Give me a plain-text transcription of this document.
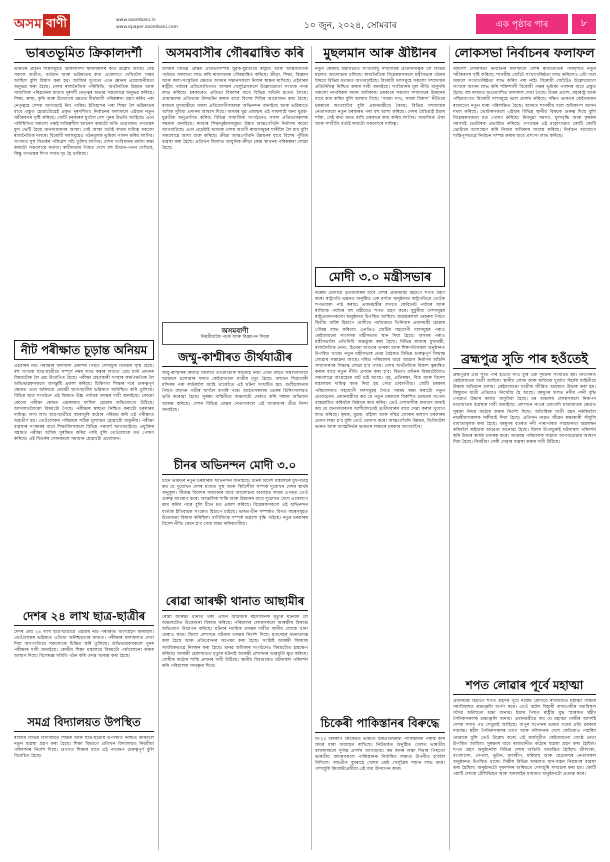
অসম বাণী	www.asombani.in
www.epaper.asombani.com	১০ জুন, ২০২৪, সোমবাৰ	এক পৃষ্ঠাৰ পাৰ	৮
ভাৰতভূমিত ক্রিকালদর্শী
ভাৰতৰ প্ৰাচীন শাস্ত্ৰসমূহত ক্রিকালদর্শী ঋষিসকলৰ কথা উল্লেখ আছে। সেই সকলে অতীত, বৰ্তমান আৰু ভৱিষ্যতৰ কথা একেলগে দেখিবলৈ সক্ষম আছিল বুলি বিশ্বাস কৰা হয়। আজিৰ যুগতো এনে জ্ঞানৰ প্ৰয়োজনীয়তা অনুভৱ কৰা হৈছে। দেশৰ ৰাজনৈতিক পৰিস্থিতি, অৰ্থনৈতিক উন্নয়ন আৰু সামাজিক পৰিৱৰ্তনৰ মাজত দূৰদৰ্শী নেতৃত্বৰ অভাৱ সকলোৱে অনুভৱ কৰিছে। শিক্ষা, স্বাস্থ্য, কৃষি আৰু উদ্যোগৰ ক্ষেত্ৰত দীৰ্ঘম্যাদী পৰিকল্পনা গ্ৰহণ কৰিব পৰা নেতৃত্বহে দেশক আগবঢ়াই নিব পাৰিব। ইতিহাসৰ পৰা শিক্ষা লৈ ভৱিষ্যতৰ বাবে প্ৰস্তুত হোৱাটোৱেই প্ৰকৃত দূৰদৰ্শিতা। নিৰ্বাচনৰ ফলাফলে এইবাৰ নতুন সমীকৰণৰ সৃষ্টি কৰিছে। জোঁট চৰকাৰৰ যুগলৈ দেশ পুনৰ উভতি আহিছে। এনে পৰিস্থিতিত সকলো পক্ষই দায়িত্বশীল আচৰণ কৰাটো অতি প্ৰয়োজন। গণতন্ত্ৰৰ মূল ভেটি হৈছে জনসাধাৰণৰ আস্থা। সেই আস্থা বৰ্তাই ৰখাৰ দায়িত্ব সকলো ৰাজনৈতিক দলৰে। বিৰোধী দলসমূহেও গঠনমূলক ভূমিকা পালন কৰিব লাগিব। সংসদত সুস্থ বিতৰ্কৰ পৰিৱেশ গঢ়ি তুলিব লাগিব। দেশৰ সংবিধানৰ মৰ্যাদা ৰক্ষা কৰাটো সকলোৰে কৰ্তব্য। স্বাধীনতাৰ পিছত দেশে বহু উত্থান-পতন দেখিছে, কিন্তু গণতন্ত্ৰৰ শিপা সদায় দৃঢ় হৈ থাকিছে।
নীট পৰীক্ষাত চূড়ান্ত অনিয়ম
এইবাৰৰ নীট পৰীক্ষাৰ ফলাফল প্ৰকাশৰ পিছত দেশজুৰি বিতৰ্কৰ সৃষ্টি হৈছে। বহু সংখ্যক ছাত্ৰ-ছাত্ৰীয়ে সম্পূৰ্ণ নম্বৰ লাভ কৰাৰ লগতে গ্ৰেচ মাৰ্ক প্ৰদানৰ বিষয়টোক লৈ প্ৰশ্ন উত্থাপিত হৈছে। পৰীক্ষা গ্ৰহণকাৰী সংস্থাৰ কাৰ্যপদ্ধতিক লৈ অভিভাৱকসকলে অসন্তুষ্টি প্ৰকাশ কৰিছে। চিকিৎসা শিক্ষাৰ দৰে গুৰুত্বপূৰ্ণ ক্ষেত্ৰত এনে অনিয়মে মেধাৱী ছাত্ৰ-ছাত্ৰীৰ ভৱিষ্যত অনিশ্চিত কৰি তুলিছে। বিভিন্ন ছাত্ৰ সংগঠনে এই বিষয়ত উচ্চ পৰ্যায়ৰ তদন্তৰ দাবী জনাইছে। কোনো কোনো পৰীক্ষা কেন্দ্ৰত প্ৰশ্নকাকত ফাদিল হোৱাৰ অভিযোগো উঠিছে। আদালতলৈকো বিষয়টো গৈছে। পৰীক্ষাৰ স্বচ্ছতা নিশ্চিত কৰাটো চৰকাৰৰ দায়িত্ব। লাখ লাখ ছাত্ৰ-ছাত্ৰীয়ে বছৰজুৰি কঠোৰ পৰিশ্ৰম কৰি এই পৰীক্ষাত অৱতীৰ্ণ হয়। তেওঁলোকৰ পৰিশ্ৰমৰ সঠিক মূল্যায়ন হোৱাটো বাঞ্ছনীয়। পৰীক্ষা ব্যৱস্থাৰ সংস্কাৰৰ বাবে শিক্ষাবিদসকলে বিভিন্ন পৰামৰ্শ আগবঢ়াইছে। প্ৰযুক্তিৰ সহায়ত পৰীক্ষা অধিক সুৰক্ষিত কৰিব পাৰি বুলি তেওঁলোকে মত পোষণ কৰিছে। এই বিতৰ্কৰ সোনকালে সমাধান হোৱাটো প্ৰয়োজন।
দেশৰ ২৪ লাখ ছাত্ৰ-ছাত্ৰীৰ
দেশৰ প্ৰায় ২৪ লাখ ছাত্ৰ-ছাত্ৰীয়ে এইবাৰ নীট পৰীক্ষাত অংশগ্ৰহণ কৰিছিল। তেওঁলোকৰ ভৱিষ্যত এতিয়া অনিশ্চয়তাৰ মাজত। পৰীক্ষাৰ ফলাফলত দেখা দিয়া অসংগতিয়ে সকলোকে চিন্তিত কৰি তুলিছে। অভিভাৱকসকলে পুনৰ পৰীক্ষাৰ দাবী জনাইছে। কেন্দ্ৰীয় শিক্ষা মন্ত্ৰালয়ে বিষয়টো পৰ্যালোচনা কৰাৰ আশ্বাস দিছে। বিশেষজ্ঞ সমিতি গঠন কৰি তদন্ত আৰম্ভ কৰা হৈছে।
সমগ্ৰ বিদ্যালয়ত উপস্থিত
ৰাজ্যৰ বিভিন্ন বিদ্যালয়ত শিক্ষক আৰু ছাত্ৰ-ছাত্ৰীৰ উপস্থিতি নিশ্চিত কৰিবলৈ নতুন ব্যৱস্থা গ্ৰহণ কৰা হৈছে। শিক্ষা বিভাগে প্ৰতিখন বিদ্যালয়ত নিয়মীয়া পৰিদৰ্শনৰ নিৰ্দেশ দিছে। গুণগত শিক্ষাৰ বাবে এই পদক্ষেপ গুৰুত্বপূৰ্ণ বুলি বিবেচিত হৈছে।
অসমবাসীৰ গৌৰৱান্বিত কৰি
অসমৰ বিভিন্ন প্ৰান্তৰ প্ৰতিভাসম্পন্ন যুৱক-যুৱতীয়ে ৰাষ্ট্ৰীয় আৰু আন্তৰ্জাতিক পৰ্যায়ত সফলতা লাভ কৰি ৰাজ্যখনক গৌৰৱান্বিত কৰিছে। ক্ৰীড়া, শিক্ষা, বিজ্ঞান আৰু কলা-সংস্কৃতিৰ ক্ষেত্ৰত অসমৰ সন্তানসকলে নিজৰ স্বাক্ষৰ ৰাখিছে। এইবাৰৰ ৰাষ্ট্ৰীয় পৰ্যায়ৰ প্ৰতিযোগিতাত অসমৰ খেলুৱৈসকলে উল্লেখযোগ্য সংখ্যক পদক লাভ কৰিছে। চৰকাৰেও প্ৰতিভা বিকাশৰ বাবে বিভিন্ন আঁচনি হাতত লৈছে। গ্ৰামাঞ্চলৰ প্ৰতিভাক উদঘাটন কৰাৰ বাবে বিশেষ শিবিৰ আয়োজন কৰা হৈছে। ৰাজ্যৰ মুখ্যমন্ত্ৰীয়ে সফল প্ৰতিযোগীসকলক অভিনন্দন জনাইছে আৰু ভৱিষ্যতে অধিক সুবিধা প্ৰদানৰ আশ্বাস দিছে। অসমৰ যুৱ প্ৰজন্মৰ এই সাফল্যই অন্য যুৱক-যুৱতীক অনুপ্ৰাণিত কৰিব। বিভিন্ন সামাজিক সংগঠনেও সফল প্ৰতিভাসকলক সম্বৰ্ধনা জনাইছে। ৰাজ্যৰ শিক্ষানুষ্ঠানসমূহত উন্নত আন্তঃগাঁথনি নিৰ্মাণৰ কামো আগবাঢ়িছে। এনে প্ৰচেষ্টাই অসমক দেশৰ অগ্ৰণী ৰাজ্যসমূহৰ শাৰীলৈ লৈ যাব বুলি সকলোৱে আশা ব্যক্ত কৰিছে। ক্ৰীড়া আন্তঃগাঁথনি উন্নয়নৰ বাবে বিশেষ পুঁজিৰ ব্যৱস্থা কৰা হৈছে। প্ৰতিখন জিলাত আধুনিক ক্ৰীড়া কেন্দ্ৰ স্থাপনৰ পৰিকল্পনা লোৱা হৈছে।
অসমবাণী
নিয়মীয়াকৈ পঢ়ক আৰু বিজ্ঞাপন দিয়ক
জম্মু-কাশ্মীৰত তীৰ্থযাত্ৰীৰ
জম্মু-কাশ্মীৰৰ ৰিয়াচি জিলাত তীৰ্থযাত্ৰীক কঢ়িয়াই নিয়া এখন বাছত সন্ত্ৰাসবাদীয়ে আক্ৰমণ চলোৱাৰ ফলত কেইবাজনো যাত্ৰীৰ মৃত্যু হৈছে। বাছখন শিৱখোৰী মন্দিৰৰ পৰা কাটৰালৈ আহি থাকোঁতে এই ঘটনা সংঘটিত হয়। গুলীচালনাৰ পিছত বাছখন গভীৰ খাদলৈ বাগৰি পৰে। আহতসকলক ওচৰৰ চিকিৎসালয়ত ভৰ্তি কৰোৱা হৈছে। সুৰক্ষা বাহিনীয়ে অঞ্চলটো ঘেৰাও কৰি সন্ধান অভিযান আৰম্ভ কৰিছে। দেশৰ বিভিন্ন প্ৰান্তৰ নেতাসকলে এই আক্ৰমণৰ তীব্ৰ নিন্দা জনাইছে।
চীনৰ অভিনন্দন মোদী ৩.০
চীনে ভাৰতৰ নতুন চৰকাৰক অভিনন্দন জনাইছে। চীনৰ বিদেশ মন্ত্ৰালয়ৰ মুখপাত্ৰই কয় যে দুয়োখন দেশৰ মাজত সুস্থ আৰু স্থিতিশীল সম্পৰ্ক দুয়োখন দেশৰ স্বাৰ্থৰ অনুকূল। সীমান্ত বিবাদৰ সমাধানৰ বাবে আলোচনা অব্যাহত ৰখাৰ ওপৰত তেওঁ গুৰুত্ব আৰোপ কৰে। আঞ্চলিক শান্তি আৰু উন্নয়নৰ বাবে দুয়োখন দেশে একেলগে কাম কৰিব পাৰে বুলি চীনে মত প্ৰকাশ কৰিছে। বিশ্লেষকসকলে এই অভিনন্দন বাৰ্তাক ইতিবাচক সংকেত হিচাপে চাইছে। ভাৰত-চীন সম্পৰ্কত বিগত বছৰসমূহত উত্তেজনা বিৰাজ কৰিছিল। বাণিজ্যিক সম্পৰ্ক অৱশ্যে বৃদ্ধি পাইছে। নতুন চৰকাৰৰ বিদেশ নীতি কেনে হ'ব সেয়া লক্ষ্য কৰিবলগীয়া।
ৰোৱা আৰক্ষী থানাত আছামীৰ
ৰোৱা আৰক্ষী থানাত থকা এজন আচামীৰ ৰহস্যজনক মৃত্যুৰ ঘটনাক লৈ অঞ্চলটোত উত্তেজনা বিৰাজ কৰিছে। পৰিয়ালৰ লোকসকলে আৰক্ষীৰ বিৰুদ্ধে অভিযোগ উত্থাপন কৰিছে। ঘটনাৰ ন্যায়িক তদন্তৰ দাবীত স্থানীয় লোকে থানা ঘেৰাও কৰে। জিলা প্ৰশাসনে ঘটনাৰ তদন্তৰ নিৰ্দেশ দিছে। মৃতদেহৰ ময়নাতদন্ত কৰা হৈছে আৰু প্ৰতিবেদনৰ অপেক্ষা কৰা হৈছে। সংশ্লিষ্ট আৰক্ষী বিষয়াক সাময়িকভাৱে নিলম্বন কৰা হৈছে। মানৱ অধিকাৰ সংগঠনেও বিষয়টোত হস্তক্ষেপ কৰিছে। আৰক্ষী হেফাজতত মৃত্যুৰ ঘটনাই আৰক্ষী প্ৰশাসনৰ ভাৱমূৰ্তি ক্ষুণ্ণ কৰিছে। দোষীক কঠোৰ শাস্তি প্ৰদানৰ দাবী উঠিছে। স্থানীয় বিধায়কেও ঘটনাস্থল পৰিদৰ্শন কৰি পৰিয়ালক সান্ত্বনা দিয়ে।
মুছলমান আৰু খ্ৰীষ্টানৰ
নতুন কেন্দ্ৰীয় মন্ত্ৰীসভাত সংখ্যালঘু সম্প্ৰদায়ৰ প্ৰতিনিধিত্বক লৈ বিভিন্ন মহলত আলোচনা চলিছে। ৰাজনৈতিক বিশ্লেষকসকলে মন্ত্ৰীসভাৰ গঠনৰ বিষয়ে বিভিন্ন মতামত আগবঢ়াইছে। বিৰোধী দলসমূহে সকলো সম্প্ৰদায়ৰ প্ৰতিনিধিত্ব নিশ্চিত কৰাৰ দাবী জনাইছে। সংবিধানৰ মূল নীতি অনুসৰি সকলো নাগৰিকৰ সমান অধিকাৰ। চৰকাৰে সকলো সম্প্ৰদায়ৰ উন্নয়নৰ বাবে কাম কৰিব বুলি আশ্বাস দিছে। ‘সবকা সাথ, সবকা বিকাশ’ নীতিৰে চৰকাৰে আগবাঢ়িব বুলি প্ৰধানমন্ত্ৰীয়ে কৈছে। বিভিন্ন সম্প্ৰদায়ৰ নেতাসকলে নতুন চৰকাৰৰ পৰা বহু আশা কৰিছে। দেশৰ বৈচিত্ৰ্যই ইয়াৰ শক্তি, সেই কথা মনত ৰাখি চৰকাৰে কাম কৰিব লাগিব। সামাজিক ঐক্য আৰু সম্প্ৰীতি বৰ্তাই ৰখাটো সকলোৰে দায়িত্ব।
মোদী ৩.০ মন্ত্ৰীসভাৰ
নৰেন্দ্ৰ মোদীয়ে তৃতীয়বাৰৰ বাবে দেশৰ প্ৰধানমন্ত্ৰী হিচাপে শপত গ্ৰহণ কৰে। ৰাষ্ট্ৰপতি ভৱনত অনুষ্ঠিত এক বৰ্ণাঢ্য অনুষ্ঠানত ৰাষ্ট্ৰপতিয়ে তেওঁক শপতবাক্য পাঠ কৰায়। প্ৰধানমন্ত্ৰীৰ লগতে কেবিনেট পৰ্যায়ৰ আৰু ৰাজ্যিক পৰ্যায়ৰ বহু মন্ত্ৰীয়েও শপত গ্ৰহণ কৰে। ছুবুৰীয়া দেশসমূহৰ ৰাষ্ট্ৰপ্ৰধানসকলো অনুষ্ঠানত উপস্থিত আছিল। জৱাহৰলাল নেহৰুৰ পিছত দ্বিতীয় ব্যক্তি হিচাপে মোদীয়ে পৰ্যায়ক্ৰমে তিনিবাৰ প্ৰধানমন্ত্ৰী হোৱাৰ গৌৰৱ লাভ কৰিলে। এনডিএ জোঁটৰ সহযোগী দলসমূহৰ পৰাও কেইবাজনো সাংসদক মন্ত্ৰীসভাত স্থান দিয়া হৈছে। অসমৰ পৰাও মন্ত্ৰীসভালৈ প্ৰতিনিধি অন্তৰ্ভুক্ত কৰা হৈছে। বিভিন্ন ৰাজ্যৰ মুখ্যমন্ত্ৰী, ৰাজনৈতিক নেতা, চিনেমা জগতৰ তাৰকা আৰু শিল্পপতিসকল অনুষ্ঠানত উপস্থিত থাকে। নতুন মন্ত্ৰীসভাৰ প্ৰথম বৈঠকত বিভিন্ন গুৰুত্বপূৰ্ণ সিদ্ধান্ত লোৱাৰ সম্ভাৱনা আছে। দৰিদ্ৰ পৰিয়ালৰ বাবে আৱাস নিৰ্মাণৰ আঁচনি সম্প্ৰসাৰণৰ সিদ্ধান্ত লোৱা হ'ব পাৰে। দেশৰ অৰ্থনৈতিক বিকাশ ত্বৰান্বিত কৰাৰ বাবে নতুন নীতি প্ৰণয়ন কৰা হ'ব। বিভাগ বণ্টনৰ বিষয়টোলৈও সকলোৱে আগ্ৰহেৰে বাট চাই আছে। গৃহ, প্ৰতিৰক্ষা, বিত্ত আৰু বিদেশ মন্ত্ৰালয়ৰ দায়িত্ব কাক দিয়া হয় সেয়া চাবলগীয়া। জোঁট চৰকাৰ পৰিচালনাত সহযোগী দলসমূহৰ সৈতে সমন্বয় ৰক্ষা কৰাটো নতুন প্ৰত্যাহ্বান। প্ৰধানমন্ত্ৰীয়ে কয় যে নতুন চৰকাৰে বিকশিত ভাৰতৰ সপোন বাস্তৱায়িত কৰিবলৈ নিষ্ঠাৰে কাম কৰিব। তেওঁ দেশবাসীক ধন্যবাদ জনাই কয় যে জনসাধাৰণৰ আশীৰ্বাদতেই তৃতীয়বাৰৰ বাবে সেৱা কৰাৰ সুযোগ লাভ কৰিছে। কৃষক, যুৱক, মহিলা আৰু দৰিদ্ৰ লোকৰ কল্যাণ চৰকাৰৰ প্ৰধান লক্ষ্য হ'ব বুলি তেওঁ ঘোষণা কৰে। আন্তঃগাঁথনি উন্নয়ন, ডিজিটেল ভাৰত আৰু আত্মনিৰ্ভৰ ভাৰতৰ লক্ষ্যৰে চৰকাৰ আগবাঢ়িব।
চিকেৰী পাকিস্তানৰ বিৰুদ্ধে
টি-২০ বিশ্বকাপ ক্ৰিকেটত ভাৰতে চিৰপ্ৰতিদ্বন্দ্বী পাকিস্তানক পৰাস্ত কৰি জয়ৰ ধাৰা অব্যাহত ৰাখিছে। নিউয়ৰ্কত অনুষ্ঠিত খেলত ভাৰতীয় বলাৰসকলে দুৰ্দান্ত প্ৰদৰ্শন আগবঢ়ায়। কম ৰানৰ লক্ষ্য দিয়াৰ পিছতো ভাৰতীয় বলাৰসকলে পাকিস্তানক নিৰ্ধাৰিত লক্ষ্যত উপনীত হ'বলৈ নিদিলে। জছপ্ৰীত বুমৰাহে খেলৰ শ্ৰেষ্ঠ খেলুৱৈৰ সন্মান লাভ কৰে। দেশজুৰি ক্ৰিকেটপ্ৰেমীয়ে এই জয় উদযাপন কৰে।
লোকসভা নিৰ্বাচনৰ ফলাফল
অষ্টাদশ লোকসভা নিৰ্বাচনৰ ফলাফলে দেশৰ ৰাজনৈতিক পৰিদৃশ্যত নতুন সমীকৰণৰ সৃষ্টি কৰিছে। শাসকীয় জোঁটে সংখ্যাগৰিষ্ঠতা লাভ কৰিলেও এটা দলে অকলে সংখ্যাগৰিষ্ঠতা লাভ কৰিব পৰা নাই। বিৰোধী জোঁটেও উল্লেখযোগ্য সংখ্যক আসন লাভ কৰি শক্তিশালী বিৰোধী পক্ষৰ ভূমিকা পালনৰ বাবে প্ৰস্তুত হৈছে। বহু ৰাজ্যত অপ্ৰত্যাশিত ফলাফল দেখা গৈছে। উত্তৰ প্ৰদেশ, মহাৰাষ্ট্ৰ আৰু পশ্চিমবংগত বিৰোধী দলসমূহে ভাল প্ৰদৰ্শন কৰিছে। দক্ষিণ ভাৰতৰ কেইখনমান ৰাজ্যতো নতুন ধাৰা পৰিলক্ষিত হৈছে। অসমত শাসকীয় দলে অধিকাংশ আসন দখল কৰিছে। ভোটাৰসকলে এইবাৰ বিভিন্ন স্থানীয় বিষয়ক গুৰুত্ব দিছে বুলি বিশ্লেষকসকলে মত পোষণ কৰিছে। নিবনুৱা সমস্যা, মূল্যবৃদ্ধি আৰু কৃষকৰ সমস্যাই ভোটাৰক প্ৰভাৱিত কৰিছে। গণতন্ত্ৰৰ এই মহোৎসৱত কোটি কোটি ভোটাৰে অংশগ্ৰহণ কৰি নিজৰ অধিকাৰ সাব্যস্ত কৰিছে। নিৰ্বাচন আয়োগে শান্তিপূৰ্ণভাৱে নিৰ্বাচন সম্পন্ন কৰাৰ বাবে প্ৰশংসা লাভ কৰিছে।
ব্ৰহ্মপুত্ৰ সুতি পাৰ হওঁতেই
ব্ৰহ্মপুত্ৰৰ এটা সুঁতি পাৰ হওঁতে নাও বুৰি এক দুৰ্ঘটনা সংঘটিত হয়। নাওখনত কেইবাজনো যাত্ৰী আছিল। স্থানীয় লোক আৰু ৰাজ্যিক দুৰ্যোগ সঁহাৰি বাহিনীয়ে উদ্ধাৰ অভিযান চলায়। কেইবাজনো যাত্ৰীক জীৱিত অৱস্থাত উদ্ধাৰ কৰা হয়। কিছুমান যাত্ৰী এতিয়াও নিখোঁজ হৈ আছে। বৰষুণৰ ফলত নদীৰ পানী বৃদ্ধি পোৱাত উদ্ধাৰ কাৰ্যত অসুবিধা হৈছে। চৰ অঞ্চলৰ লোকসকলে নিৰাপদ যাতায়াতৰ ব্যৱস্থাৰ দাবী জনাইছে। প্ৰশাসনে নাওৰ যোগেদি যাতায়াতৰ ক্ষেত্ৰত সুৰক্ষা নিয়ম কঠোৰ কৰাৰ নিৰ্দেশ দিছে। অতিৰিক্ত যাত্ৰী বহন নকৰিবলৈ নাৱৰীয়াসকলক সকীয়াই দিয়া হৈছে। প্ৰতিখন নাৱত জীৱন ৰক্ষাকাৰী সঁজুলি বাধ্যতামূলক কৰা হৈছে। বৰষুণৰ বতৰত নদী পাৰাপাৰত সাৱধানতা অৱলম্বন কৰিবলৈ ৰাইজক আহ্বান জনোৱা হৈছে। জিলা উপায়ুক্তই ঘটনাস্থল পৰিদৰ্শন কৰি উদ্ধাৰ কাৰ্যৰ তদাৰক কৰে। আক্ৰান্ত পৰিয়ালক সাহায্য আগবঢ়োৱাৰ আশ্বাস দিয়া হৈছে। নিয়মীয়া ফেৰী সেৱাৰ ব্যৱস্থা কৰাৰ দাবী উঠিছে।
শপত লোৱাৰ পূৰ্বে মহাত্মা
প্ৰধানমন্ত্ৰী হিচাপে শপত গ্ৰহণৰ পূৰ্বে নৰেন্দ্ৰ মোদীয়ে ৰাজঘাটত মহাত্মা গান্ধীৰ সমাধিস্থলত শ্ৰদ্ধাঞ্জলি অৰ্পণ কৰে। তেওঁ অটল বিহাৰী বাজপেয়ীৰ সমাধিস্থল সদৈৱ অটলতো শ্ৰদ্ধা জনায়। ইয়াৰ পিছত ৰাষ্ট্ৰীয় যুদ্ধ স্মাৰকত শ্বহীদ সৈনিকসকলক শ্ৰদ্ধাঞ্জলি জনায়। প্ৰধানমন্ত্ৰীয়ে কয় যে মহাত্মা গান্ধীৰ আদৰ্শই দেশক সদায় পথ দেখুৱাই আহিছে। বাপুৰ সপোনৰ ভাৰত গঢ়াৰ প্ৰতি চৰকাৰ দায়বদ্ধ। শ্বহীদ সৈনিকসকলৰ ত্যাগ আৰু বলিদানক দেশে কেতিয়াও পাহৰিব নোৱাৰে বুলি তেওঁ উল্লেখ কৰে। এই কাৰ্যসূচীত কেইবাজনো জ্যেষ্ঠ নেতা উপস্থিত আছিল। সুৰক্ষাৰ বাবে ৰাজধানীত কঠোৰ ব্যৱস্থা গ্ৰহণ কৰা হৈছিল। শপত গ্ৰহণ অনুষ্ঠানলৈ বিভিন্ন দেশৰ অতিথি আমন্ত্ৰিত হৈছিল। শ্ৰীলংকা, বাংলাদেশ, নেপাল, ভূটান, মালদ্বীপ, মৰিছাছ আৰু ছেচেলছৰ নেতাসকল অনুষ্ঠানত উপস্থিত থাকে। দিল্লীৰ বিভিন্ন অঞ্চলত যান-বাহন নিয়ন্ত্ৰণৰ ব্যৱস্থা কৰা হৈছিল। অনুষ্ঠানটো দূৰদৰ্শনৰ জৰিয়তে দেশজুৰি সম্প্ৰচাৰ কৰা হয়। কোটি কোটি লোকে টেলিভিছন আৰু অনলাইন মাধ্যমত অনুষ্ঠানটো প্ৰত্যক্ষ কৰে।
